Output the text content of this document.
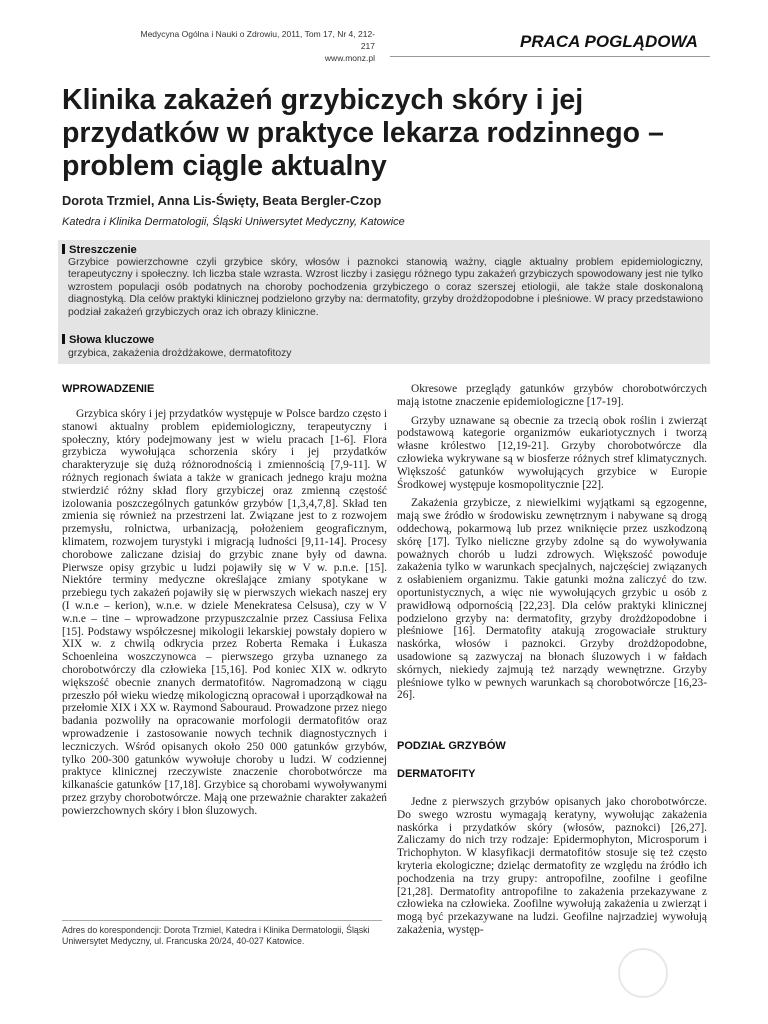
Medycyna Ogólna i Nauki o Zdrowiu, 2011, Tom 17, Nr 4, 212-217
www.monz.pl
PRACA POGLĄDOWA
Klinika zakażeń grzybiczych skóry i jej przydatków w praktyce lekarza rodzinnego – problem ciągle aktualny
Dorota Trzmiel, Anna Lis-Święty, Beata Bergler-Czop
Katedra i Klinika Dermatologii, Śląski Uniwersytet Medyczny, Katowice
Streszczenie

Grzybice powierzchowne czyli grzybice skóry, włosów i paznokci stanowią ważny, ciągle aktualny problem epidemiologiczny, terapeutyczny i społeczny. Ich liczba stale wzrasta. Wzrost liczby i zasięgu różnego typu zakażeń grzybiczych spowodowany jest nie tylko wzrostem populacji osób podatnych na choroby pochodzenia grzybiczego o coraz szerszej etiologii, ale także stale doskonaloną diagnostyką. Dla celów praktyki klinicznej podzielono grzyby na: dermatofity, grzyby drożdżopodobne i pleśniowe. W pracy przedstawiono podział zakażeń grzybiczych oraz ich obrazy kliniczne.

Słowa kluczowe

grzybica, zakażenia drożdżakowe, dermatofitozy

WPROWADZENIE

Grzybica skóry i jej przydatków występuje w Polsce bardzo często i stanowi aktualny problem epidemiologiczny, terapeutyczny i społeczny, który podejmowany jest w wielu pracach [1-6]. Flora grzybicza wywołująca schorzenia skóry i jej przydatków charakteryzuje się dużą różnorodnością i zmiennością [7,9-11]. W różnych regionach świata a także w granicach jednego kraju można stwierdzić różny skład flory grzybiczej oraz zmienną częstość izolowania poszczególnych gatunków grzybów [1,3,4,7,8]. Skład ten zmienia się również na przestrzeni lat. Związane jest to z rozwojem przemysłu, rolnictwa, urbanizacją, położeniem geograficznym, klimatem, rozwojem turystyki i migracją ludności [9,11-14]. Procesy chorobowe zaliczane dzisiaj do grzybic znane były od dawna. Pierwsze opisy grzybic u ludzi pojawiły się w V w. p.n.e. [15]. Niektóre terminy medyczne określające zmiany spotykane w przebiegu tych zakażeń pojawiły się w pierwszych wiekach naszej ery (I w.n.e – kerion), w.n.e. w dziele Menekratesa Celsusa), czy w V w.n.e – tine – wprowadzone przypuszczalnie przez Cassiusa Felixa [15]. Podstawy współczesnej mikologii lekarskiej powstały dopiero w XIX w. z chwilą odkrycia przez Roberta Remaka i Łukasza Schoenleina woszczynowca – pierwszego grzyba uznanego za chorobotwórczy dla człowieka [15,16]. Pod koniec XIX w. odkryto większość obecnie znanych dermatofitów. Nagromadzoną w ciągu przeszło pół wieku wiedzę mikologiczną opracował i uporządkował na przełomie XIX i XX w. Raymond Sabouraud. Prowadzone przez niego badania pozwoliły na opracowanie morfologii dermatofitów oraz wprowadzenie i zastosowanie nowych technik diagnostycznych i leczniczych. Wśród opisanych około 250 000 gatunków grzybów, tylko 200-300 gatunków wywołuje choroby u ludzi. W codziennej praktyce klinicznej rzeczywiste znaczenie chorobotwórcze ma kilkanaście gatunków [17,18]. Grzybice są chorobami wywoływanymi przez grzyby chorobotwórcze. Mają one przeważnie charakter zakażeń powierzchownych skóry i błon śluzowych.

Adres do korespondencji: Dorota Trzmiel, Katedra i Klinika Dermatologii, Śląski Uniwersytet Medyczny, ul. Francuska 20/24, 40-027 Katowice.

Okresowe przeglądy gatunków grzybów chorobotwórczych mają istotne znaczenie epidemiologiczne [17-19].

Grzyby uznawane są obecnie za trzecią obok roślin i zwierząt podstawową kategorie organizmów eukariotycznych i tworzą własne królestwo [12,19-21]. Grzyby chorobotwórcze dla człowieka wykrywane są w biosferze różnych stref klimatycznych. Większość gatunków wywołujących grzybice w Europie Środkowej występuje kosmopolitycznie [22].

Zakażenia grzybicze, z niewielkimi wyjątkami są egzogenne, mają swe źródło w środowisku zewnętrznym i nabywane są drogą oddechową, pokarmową lub przez wniknięcie przez uszkodzoną skórę [17]. Tylko nieliczne grzyby zdolne są do wywoływania poważnych chorób u ludzi zdrowych. Większość powoduje zakażenia tylko w warunkach specjalnych, najczęściej związanych z osłabieniem organizmu. Takie gatunki można zaliczyć do tzw. oportunistycznych, a więc nie wywołujących grzybic u osób z prawidłową odpornością [22,23]. Dla celów praktyki klinicznej podzielono grzyby na: dermatofity, grzyby drożdżopodobne i pleśniowe [16]. Dermatofity atakują zrogowaciałe struktury naskórka, włosów i paznokci. Grzyby drożdżopodobne, usadowione są zazwyczaj na błonach śluzowych i w fałdach skórnych, niekiedy zajmują też narządy wewnętrzne. Grzyby pleśniowe tylko w pewnych warunkach są chorobotwórcze [16,23-26].

PODZIAŁ GRZYBÓW
DERMATOFITY

Jedne z pierwszych grzybów opisanych jako chorobotwórcze. Do swego wzrostu wymagają keratyny, wywołując zakażenia naskórka i przydatków skóry (włosów, paznokci) [26,27]. Zaliczamy do nich trzy rodzaje: Epidermophyton, Microsporum i Trichophyton. W klasyfikacji dermatofitów stosuje się też często kryteria ekologiczne; dzieląc dermatofity ze względu na źródło ich pochodzenia na trzy grupy: antropofilne, zoofilne i geofilne [21,28]. Dermatofity antropofilne to zakażenia przekazywane z człowieka na człowieka. Zoofilne wywołują zakażenia u zwierząt i mogą być przekazywane na ludzi. Geofilne najrzadziej wywołują zakażenia, występ-
